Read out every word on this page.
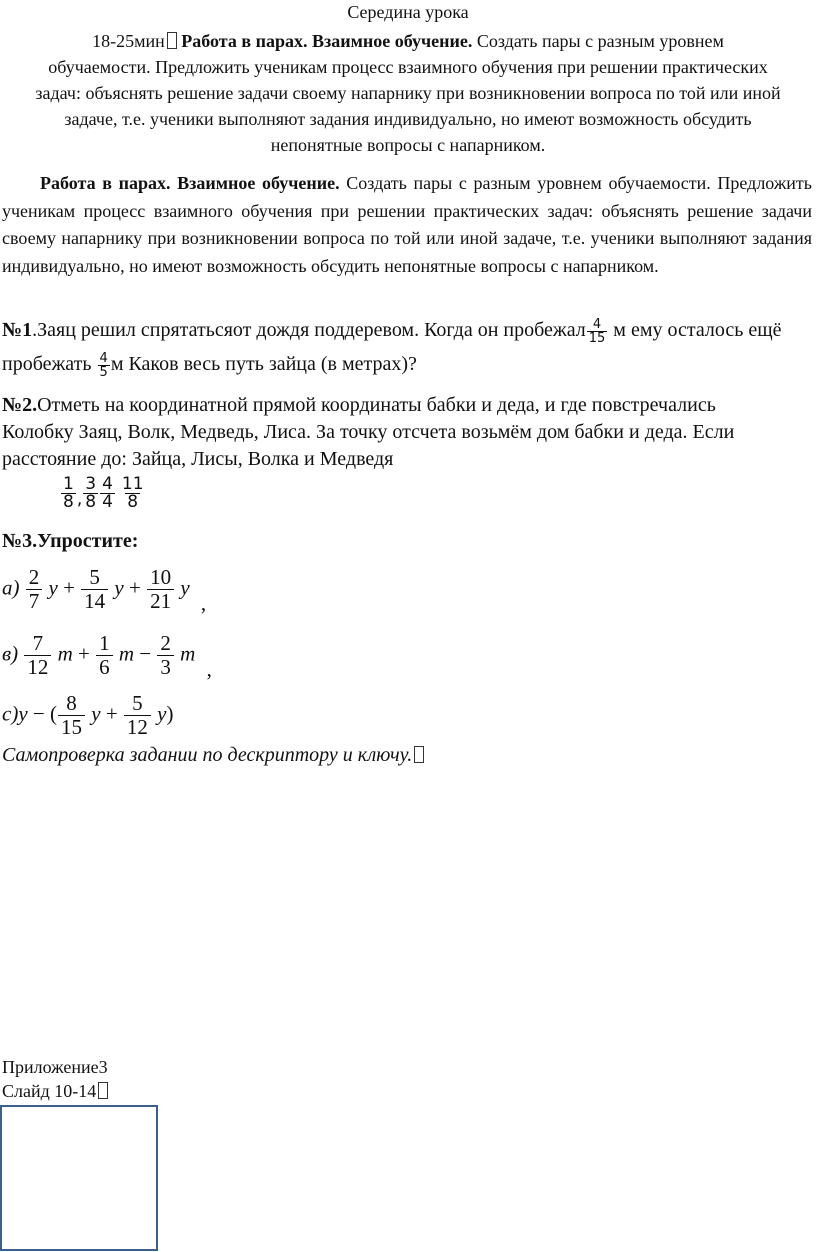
Середина урока
18-25мин Работа в парах. Взаимное обучение. Создать пары с разным уровнем
обучаемости. Предложить ученикам процесс взаимного обучения при решении практических
задач: объяснять решение задачи своему напарнику при возникновении вопроса по той или иной
задаче, т.е. ученики выполняют задания индивидуально, но имеют возможность обсудить
непонятные вопросы с напарником.
Работа в парах. Взаимное обучение. Создать пары с разным уровнем обучаемости. Предложить ученикам процесс взаимного обучения при решении практических задач: объяснять решение задачи своему напарнику при возникновении вопроса по той или иной задаче, т.е. ученики выполняют задания индивидуально, но имеют возможность обсудить непонятные вопросы с напарником.
№1.Заяц решил спрятатьсяот дождя поддеревом. Когда он пробежал $\frac{4}{15}$ м ему осталось ещё
пробежать $\frac{4}{5}$ м Каков весь путь зайца (в метрах)?
№2.Отметь на координатной прямой координаты бабки и деда, и где повстречались
Колобку Заяц, Волк, Медведь, Лиса. За точку отсчета возьмём дом бабки и деда. Если
расстояние до: Зайца, Лисы, Волка и Медведя
$\frac{1}{8}$ , $\frac{3}{8} \frac{4}{4} \frac{11}{8}$
№3.Упростите:
$а) \frac{2}{7}$ $y + \frac{5}{14}$ $y + \frac{10}{21}$ y ,
$в) \frac{7}{12}$ $m + \frac{1}{6}$ $m - \frac{2}{3}$ m ,
с)y − ( $\frac{8}{15}$ $y + \frac{5}{12} y$)
Самопроверка задании по дескриптору и ключу.
Приложение3
Слайд 10-14
